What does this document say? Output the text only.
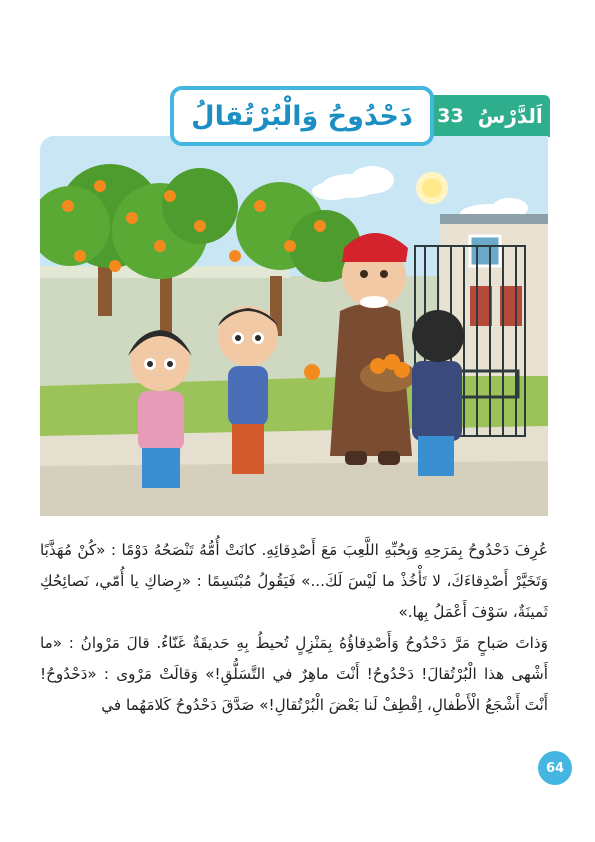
اَلدَّرْسُ
33
دَحْدُوحُ وَالْبُرْتُقالُ

عُرِفَ دَحْدُوحُ بِمَرَحِهِ وَبِحُبِّهِ اللَّعِبَ مَعَ أَصْدِقائِهِ. كانَتْ أُمُّهُ تَنْصَحُهُ دَوْمًا : «كُنْ مُهَذَّبًا وَتَخَيَّرْ أَصْدِقاءَكَ، لا تَأْخُذْ ما لَيْسَ لَكَ...» فَيَقُولُ مُبْتَسِمًا : «رِضاكِ يا أُمّي، نَصائِحُكِ ثَمينَةٌ، سَوْفَ أَعْمَلُ بِها.»

وَذاتَ صَباحٍ مَرَّ دَحْدُوحُ وَأَصْدِقاؤُهُ بِمَنْزِلٍ تُحيطُ بِهِ حَديقَةٌ غَنّاءُ. قالَ مَرْوانُ : «ما أَشْهى هذا الْبُرْتُقالَ! دَحْدُوحُ! أَنْتَ ماهِرٌ في التَّسَلُّقِ!» وَقالَتْ مَرْوى : «دَحْدُوحُ! أَنْتَ أَشْجَعُ الْأَطْفالِ، اِقْطِفْ لَنا بَعْضَ الْبُرْتُقالِ!» صَدَّقَ دَحْدُوحُ كَلامَهُما في

64
